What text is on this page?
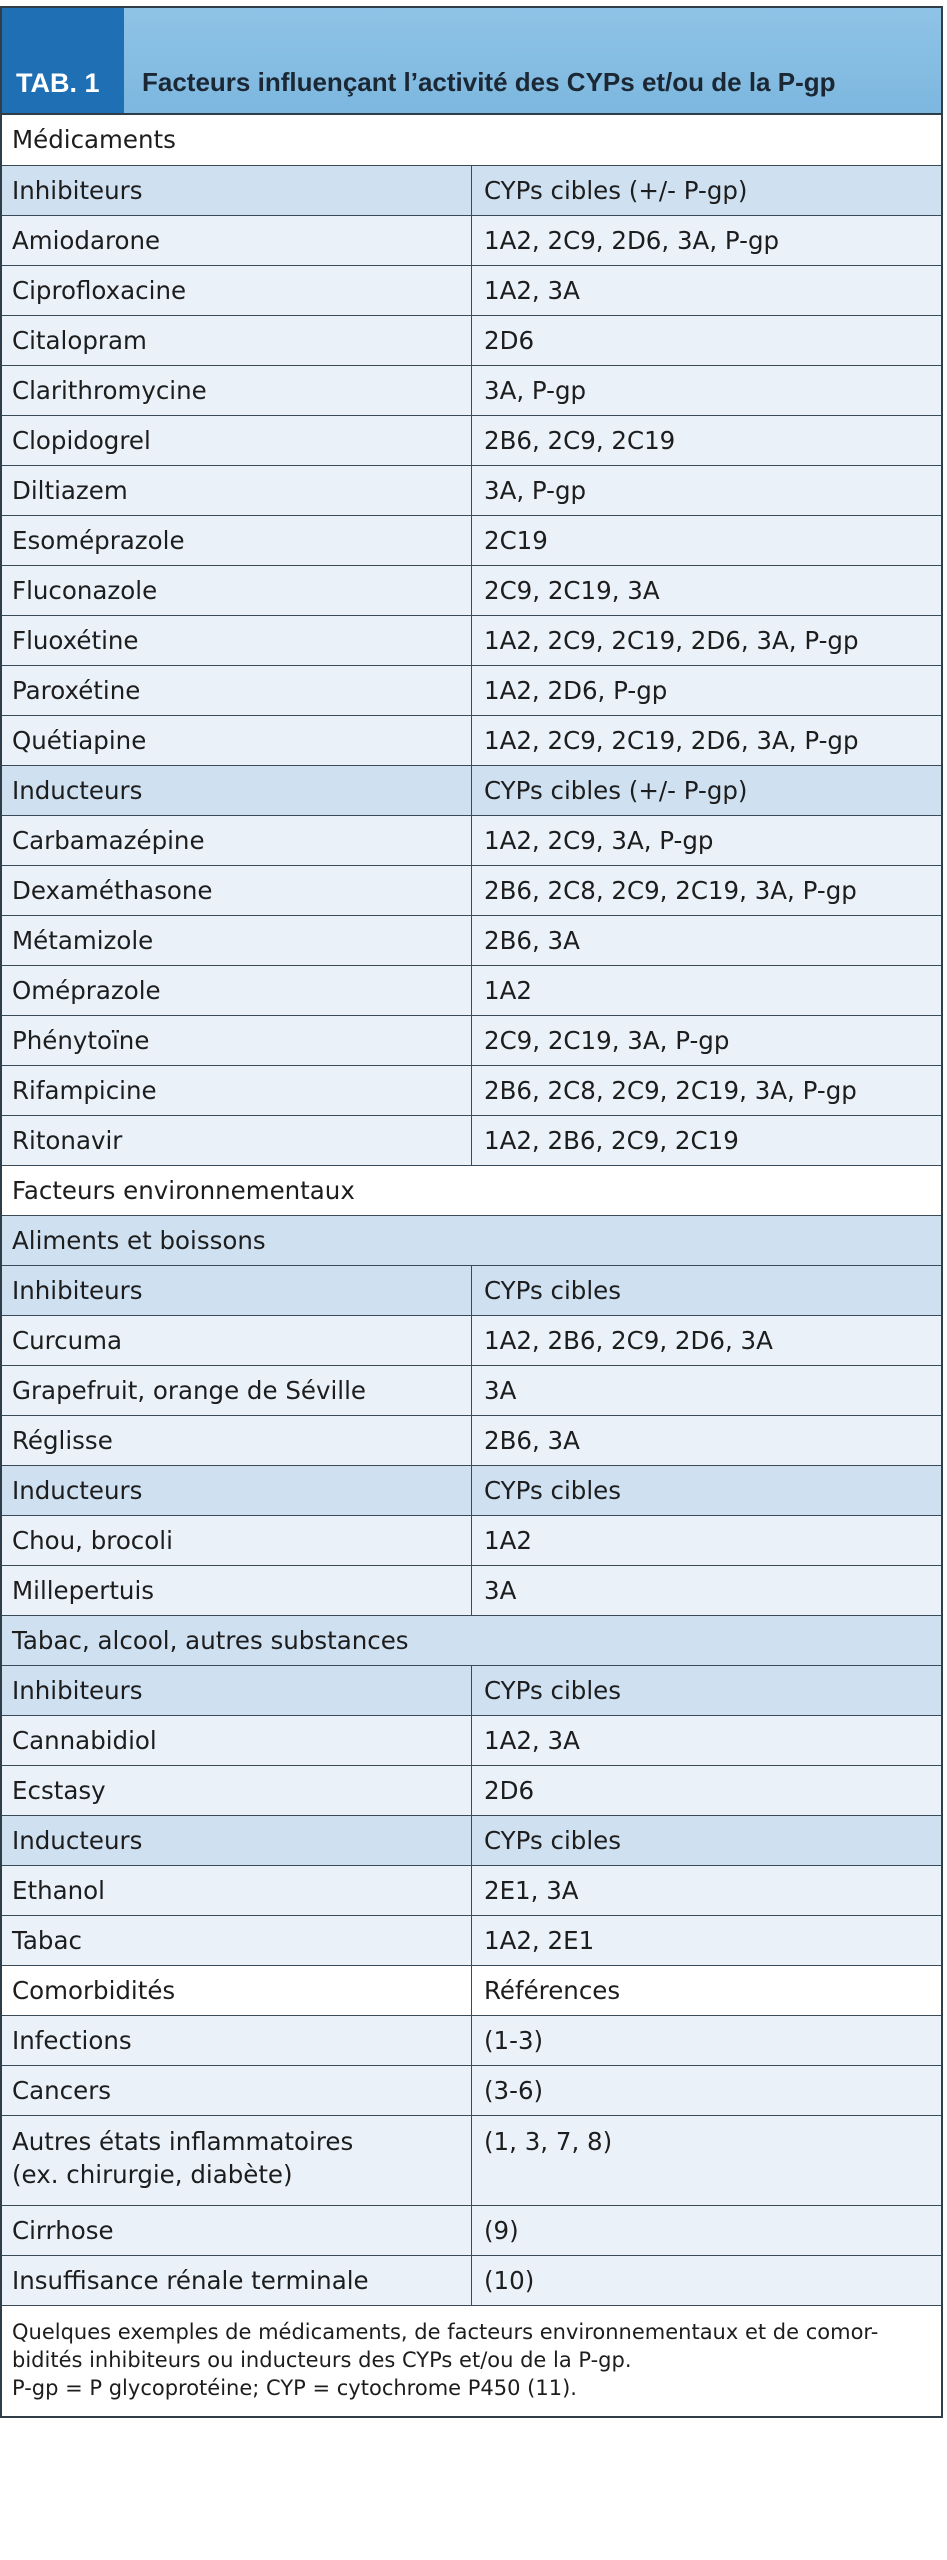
TAB. 1	Facteurs influençant l’activité des CYPs et/ou de la P-gp
Médicaments	

Inhibiteurs	CYPs cibles (+/- P-gp)

Amiodarone	1A2, 2C9, 2D6, 3A, P-gp

Ciprofloxacine	1A2, 3A

Citalopram	2D6

Clarithromycine	3A, P-gp

Clopidogrel	2B6, 2C9, 2C19

Diltiazem	3A, P-gp

Esoméprazole	2C19

Fluconazole	2C9, 2C19, 3A

Fluoxétine	1A2, 2C9, 2C19, 2D6, 3A, P-gp

Paroxétine	1A2, 2D6, P-gp

Quétiapine	1A2, 2C9, 2C19, 2D6, 3A, P-gp

Inducteurs	CYPs cibles (+/- P-gp)

Carbamazépine	1A2, 2C9, 3A, P-gp

Dexaméthasone	2B6, 2C8, 2C9, 2C19, 3A, P-gp

Métamizole	2B6, 3A

Oméprazole	1A2

Phénytoïne	2C9, 2C19, 3A, P-gp

Rifampicine	2B6, 2C8, 2C9, 2C19, 3A, P-gp

Ritonavir	1A2, 2B6, 2C9, 2C19

Facteurs environnementaux	

Aliments et boissons	

Inhibiteurs	CYPs cibles

Curcuma	1A2, 2B6, 2C9, 2D6, 3A

Grapefruit, orange de Séville	3A

Réglisse	2B6, 3A

Inducteurs	CYPs cibles

Chou, brocoli	1A2

Millepertuis	3A

Tabac, alcool, autres substances	

Inhibiteurs	CYPs cibles

Cannabidiol	1A2, 3A

Ecstasy	2D6

Inducteurs	CYPs cibles

Ethanol	2E1, 3A

Tabac	1A2, 2E1

Comorbidités	Références

Infections	(1-3)

Cancers	(3-6)

Autres états inflammatoires
(ex. chirurgie, diabète)	(1, 3, 7, 8)

Cirrhose	(9)

Insuffisance rénale terminale	(10)
Quelques exemples de médicaments, de facteurs environnementaux et de comor-
bidités inhibiteurs ou inducteurs des CYPs et/ou de la P-gp.
P-gp = P glycoprotéine; CYP = cytochrome P450 (11).
